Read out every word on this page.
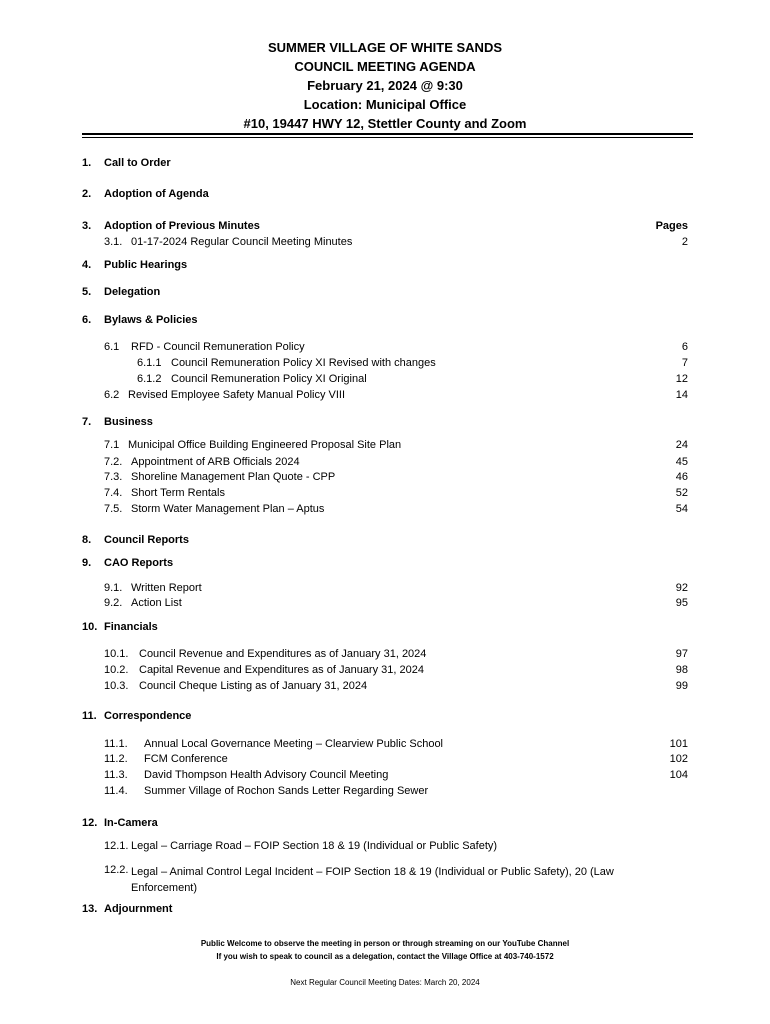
SUMMER VILLAGE OF WHITE SANDS
COUNCIL MEETING AGENDA
February 21, 2024 @ 9:30
Location: Municipal Office
#10, 19447 HWY 12, Stettler County and Zoom
1. Call to Order
2. Adoption of Agenda
3. Adoption of Previous Minutes	Pages
3.1. 01-17-2024 Regular Council Meeting Minutes	2
4. Public Hearings
5. Delegation
6. Bylaws & Policies
6.1 RFD - Council Remuneration Policy	6
6.1.1 Council Remuneration Policy XI Revised with changes	7
6.1.2 Council Remuneration Policy XI Original	12
6.2 Revised Employee Safety Manual Policy VIII	14
7. Business
7.1 Municipal Office Building Engineered Proposal Site Plan	24
7.2. Appointment of ARB Officials 2024	45
7.3. Shoreline Management Plan Quote - CPP	46
7.4. Short Term Rentals	52
7.5. Storm Water Management Plan – Aptus	54
8. Council Reports
9. CAO Reports
9.1. Written Report	92
9.2. Action List	95
10. Financials
10.1. Council Revenue and Expenditures as of January 31, 2024	97
10.2. Capital Revenue and Expenditures as of January 31, 2024	98
10.3. Council Cheque Listing as of January 31, 2024	99
11. Correspondence
11.1. Annual Local Governance Meeting – Clearview Public School	101
11.2. FCM Conference	102
11.3. David Thompson Health Advisory Council Meeting	104
11.4. Summer Village of Rochon Sands Letter Regarding Sewer
12. In-Camera
12.1. Legal – Carriage Road – FOIP Section 18 & 19 (Individual or Public Safety)
12.2. Legal – Animal Control Legal Incident – FOIP Section 18 & 19 (Individual or Public Safety), 20 (Law Enforcement)
13. Adjournment
Public Welcome to observe the meeting in person or through streaming on our YouTube Channel
If you wish to speak to council as a delegation, contact the Village Office at 403-740-1572
Next Regular Council Meeting Dates: March 20, 2024
